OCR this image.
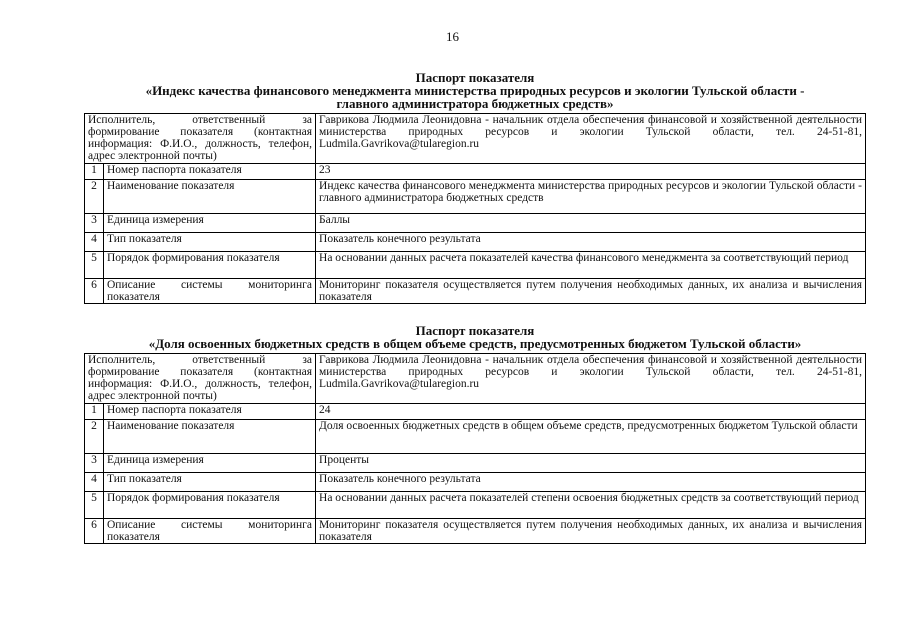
16
Паспорт показателя
«Индекс качества финансового менеджмента министерства природных ресурсов и экологии Тульской области -
главного администратора бюджетных средств»
Исполнитель, ответственный за формирование показателя (контактная информация: Ф.И.О., должность, телефон, адрес электронной почты)		Гаврикова Людмила Леонидовна - начальник отдела обеспечения финансовой и хозяйственной деятельности министерства природных ресурсов и экологии Тульской области, тел. 24-51-81, Ludmila.Gavrikova@tularegion.ru
1	Номер паспорта показателя	23
2	Наименование показателя	Индекс качества финансового менеджмента министерства природных ресурсов и экологии Тульской области - главного администратора бюджетных средств
3	Единица измерения	Баллы
4	Тип показателя	Показатель конечного результата
5	Порядок формирования показателя	На основании данных расчета показателей качества финансового менеджмента за соответствующий период
6	Описание системы мониторинга показателя	Мониторинг показателя осуществляется путем получения необходимых данных, их анализа и вычисления показателя
Паспорт показателя
«Доля освоенных бюджетных средств в общем объеме средств, предусмотренных бюджетом Тульской области»
Исполнитель, ответственный за формирование показателя (контактная информация: Ф.И.О., должность, телефон, адрес электронной почты)		Гаврикова Людмила Леонидовна - начальник отдела обеспечения финансовой и хозяйственной деятельности министерства природных ресурсов и экологии Тульской области, тел. 24-51-81, Ludmila.Gavrikova@tularegion.ru
1	Номер паспорта показателя	24
2	Наименование показателя	Доля освоенных бюджетных средств в общем объеме средств, предусмотренных бюджетом Тульской области
3	Единица измерения	Проценты
4	Тип показателя	Показатель конечного результата
5	Порядок формирования показателя	На основании данных расчета показателей степени освоения бюджетных средств за соответствующий период
6	Описание системы мониторинга показателя	Мониторинг показателя осуществляется путем получения необходимых данных, их анализа и вычисления показателя
